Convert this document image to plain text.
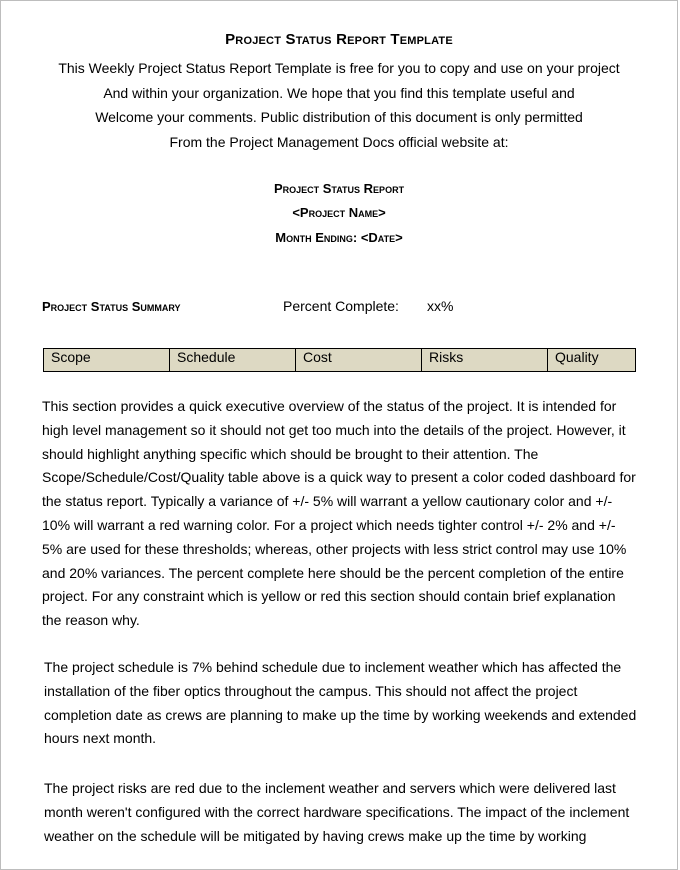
Project Status Report Template
This Weekly Project Status Report Template is free for you to copy and use on your project
And within your organization. We hope that you find this template useful and
Welcome your comments. Public distribution of this document is only permitted
From the Project Management Docs official website at:
Project Status Report
<Project Name>
Month Ending: <Date>
Project Status Summary	Percent Complete: xx%
Scope	Schedule	Cost	Risks	Quality
This section provides a quick executive overview of the status of the project. It is intended for
high level management so it should not get too much into the details of the project. However, it
should highlight anything specific which should be brought to their attention. The
Scope/Schedule/Cost/Quality table above is a quick way to present a color coded dashboard for
the status report. Typically a variance of +/- 5% will warrant a yellow cautionary color and +/-
10% will warrant a red warning color. For a project which needs tighter control +/- 2% and +/-
5% are used for these thresholds; whereas, other projects with less strict control may use 10%
and 20% variances. The percent complete here should be the percent completion of the entire
project. For any constraint which is yellow or red this section should contain brief explanation
the reason why.
The project schedule is 7% behind schedule due to inclement weather which has affected the
installation of the fiber optics throughout the campus. This should not affect the project
completion date as crews are planning to make up the time by working weekends and extended
hours next month.
The project risks are red due to the inclement weather and servers which were delivered last
month weren't configured with the correct hardware specifications. The impact of the inclement
weather on the schedule will be mitigated by having crews make up the time by working
